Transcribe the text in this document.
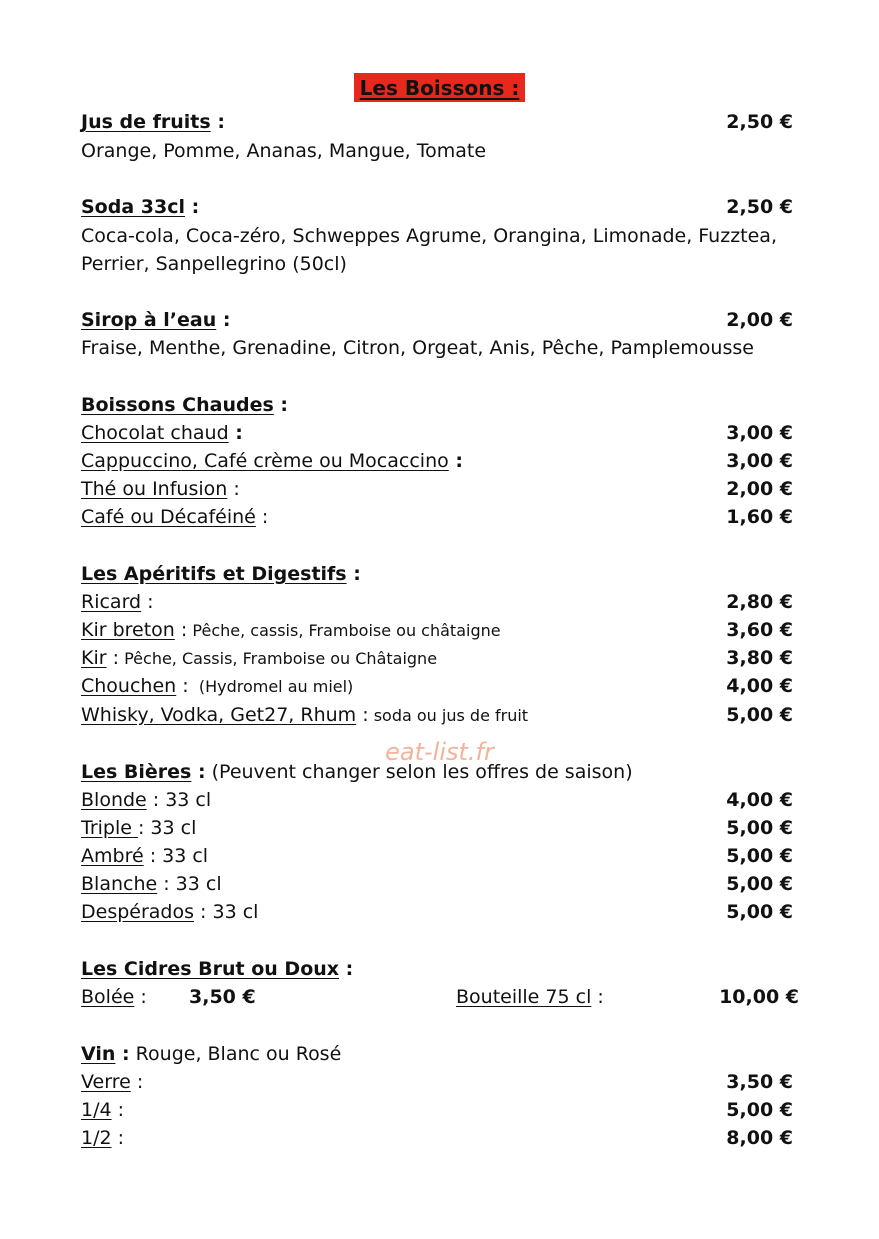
Les Boissons :
Jus de fruits :	2,50 €
Orange, Pomme, Ananas, Mangue, Tomate
Soda 33cl :	2,50 €
Coca-cola, Coca-zéro, Schweppes Agrume, Orangina, Limonade, Fuzztea,
Perrier, Sanpellegrino (50cl)
Sirop à l’eau :	2,00 €
Fraise, Menthe, Grenadine, Citron, Orgeat, Anis, Pêche, Pamplemousse
Boissons Chaudes :
Chocolat chaud :	3,00 €
Cappuccino, Café crème ou Mocaccino :	3,00 €
Thé ou Infusion :	2,00 €
Café ou Décaféiné :	1,60 €
Les Apéritifs et Digestifs :
Ricard :	2,80 €
Kir breton : Pêche, cassis, Framboise ou châtaigne	3,60 €
Kir : Pêche, Cassis, Framboise ou Châtaigne	3,80 €
Chouchen :  (Hydromel au miel)	4,00 €
Whisky, Vodka, Get27, Rhum : soda ou jus de fruit	5,00 €
eat-list.fr
Les Bières : (Peuvent changer selon les offres de saison)
Blonde : 33 cl	4,00 €
Triple : 33 cl	5,00 €
Ambré : 33 cl	5,00 €
Blanche : 33 cl	5,00 €
Despérados : 33 cl	5,00 €
Les Cidres Brut ou Doux :
Bolée : 3,50 €	Bouteille 75 cl :	10,00 €
Vin : Rouge, Blanc ou Rosé
Verre :	3,50 €
1/4 :	5,00 €
1/2 :	8,00 €
